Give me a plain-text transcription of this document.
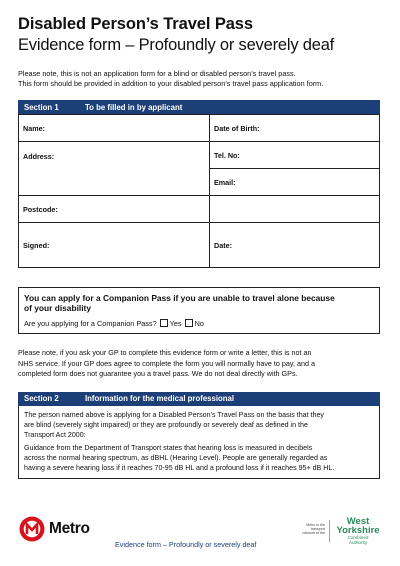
Disabled Person’s Travel Pass
Evidence form – Profoundly or severely deaf
Please note, this is not an application form for a blind or disabled person’s travel pass.
This form should be provided in addition to your disabled person’s travel pass application form.
Section 1	To be filled in by applicant
Name:	Date of Birth:
Address:	Tel. No:
	Email:
Postcode:	
Signed:	Date:
You can apply for a Companion Pass if you are unable to travel alone because
of your disability
Are you applying for a Companion Pass? Yes No
Please note, if you ask your GP to complete this evidence form or write a letter, this is not an
NHS service. If your GP does agree to complete the form you will normally have to pay, and a
completed form does not guarantee you a travel pass. We do not deal directly with GPs.
Section 2	Information for the medical professional
The person named above is applying for a Disabled Person’s Travel Pass on the basis that they
are blind (severely sight impaired) or they are profoundly or severely deaf as defined in the
Transport Act 2000:
Guidance from the Department of Transport states that hearing loss is measured in decibels
across the normal hearing spectrum, as dBHL (Hearing Level). People are generally regarded as
having a severe hearing loss if it reaches 70-95 dB HL and a profound loss if it reaches 95+ dB HL.
Metro
Evidence form – Profoundly or severely deaf
Metro is the
transport
network of the
West
Yorkshire
Combined
Authority
